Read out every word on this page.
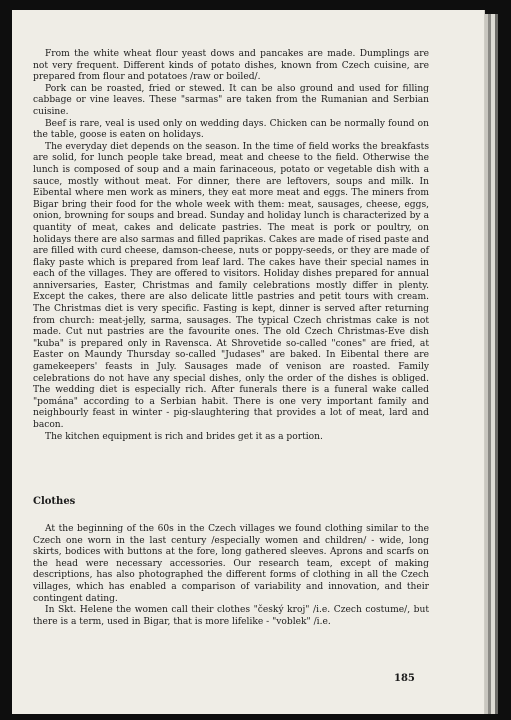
From the white wheat flour yeast dows and pancakes are made. Dumplings are not very frequent. Different kinds of potato dishes, known from Czech cuisine, are prepared from flour and potatoes /raw or boiled/.

Pork can be roasted, fried or stewed. It can be also ground and used for filling cabbage or vine leaves. These "sarmas" are taken from the Rumanian and Serbian cuisine.

Beef is rare, veal is used only on wedding days. Chicken can be normally found on the table, goose is eaten on holidays.

The everyday diet depends on the season. In the time of field works the breakfasts are solid, for lunch people take bread, meat and cheese to the field. Otherwise the lunch is composed of soup and a main farinaceous, potato or vegetable dish with a sauce, mostly without meat. For dinner, there are leftovers, soups and milk. In Eibental where men work as miners, they eat more meat and eggs. The miners from Bigar bring their food for the whole week with them: meat, sausages, cheese, eggs, onion, browning for soups and bread. Sunday and holiday lunch is characterized by a quantity of meat, cakes and delicate pastries. The meat is pork or poultry, on holidays there are also sarmas and filled paprikas. Cakes are made of rised paste and are filled with curd cheese, damson-cheese, nuts or poppy-seeds, or they are made of flaky paste which is prepared from leaf lard. The cakes have their special names in each of the villages. They are offered to visitors. Holiday dishes prepared for annual anniversaries, Easter, Christmas and family celebrations mostly differ in plenty. Except the cakes, there are also delicate little pastries and petit tours with cream. The Christmas diet is very specific. Fasting is kept, dinner is served after returning from church: meat-jelly, sarma, sausages. The typical Czech christmas cake is not made. Cut nut pastries are the favourite ones. The old Czech Christmas-Eve dish "kuba" is prepared only in Ravensca. At Shrovetide so-called "cones" are fried, at Easter on Maundy Thursday so-called "Judases" are baked. In Eibental there are gamekeepers' feasts in July. Sausages made of venison are roasted. Family celebrations do not have any special dishes, only the order of the dishes is obliged. The wedding diet is especially rich. After funerals there is a funeral wake called "pomána" according to a Serbian habit. There is one very important family and neighbourly feast in winter - pig-slaughtering that provides a lot of meat, lard and bacon.

The kitchen equipment is rich and brides get it as a portion.

Clothes

At the beginning of the 60s in the Czech villages we found clothing similar to the Czech one worn in the last century /especially women and children/ - wide, long skirts, bodices with buttons at the fore, long gathered sleeves. Aprons and scarfs on the head were necessary accessories. Our research team, except of making descriptions, has also photographed the different forms of clothing in all the Czech villages, which has enabled a comparison of variability and innovation, and their contingent dating.

In Skt. Helene the women call their clothes "český kroj" /i.e. Czech costume/, but there is a term, used in Bigar, that is more lifelike - "voblek" /i.e.

185
